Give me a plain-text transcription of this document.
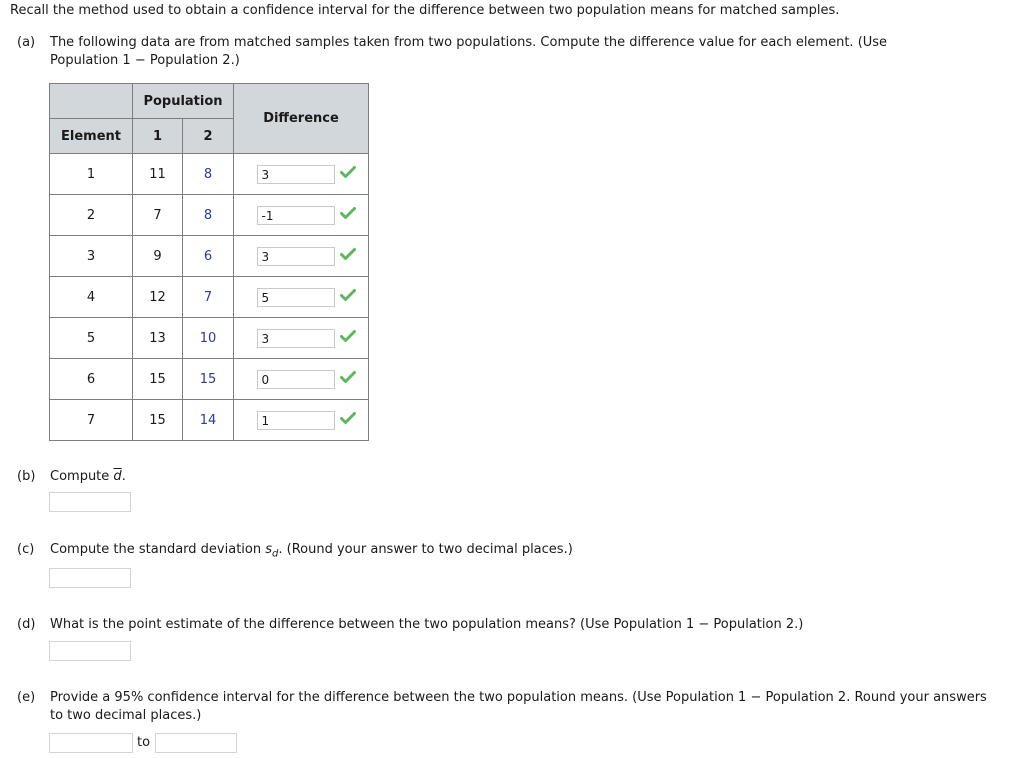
Recall the method used to obtain a confidence interval for the difference between two population means for matched samples.
(a) The following data are from matched samples taken from two populations. Compute the difference value for each element. (Use
Population 1 − Population 2.)
	Population		Difference
Element	1	2	
1	11	8	3
2	7	8	-1
3	9	6	3
4	12	7	5
5	13	10	3
6	15	15	0
7	15	14	1
(b) Compute $\overline{d}$.
(c) Compute the standard deviation $s_d$. (Round your answer to two decimal places.)
(d) What is the point estimate of the difference between the two population means? (Use Population 1 − Population 2.)
(e) Provide a 95% confidence interval for the difference between the two population means. (Use Population 1 − Population 2. Round your answers
to two decimal places.)
to
